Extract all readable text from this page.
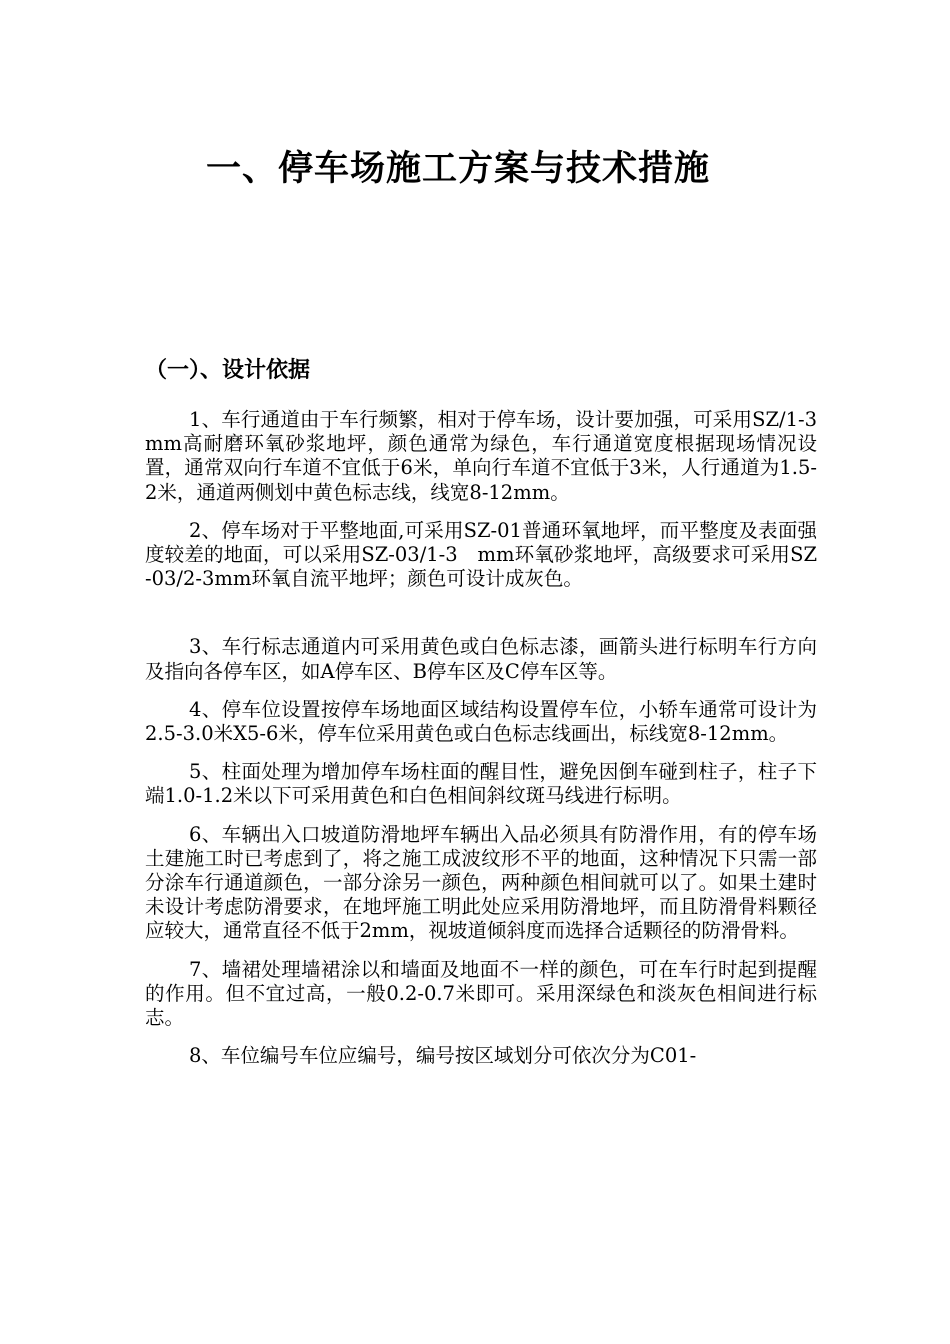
一、停车场施工方案与技术措施
（一）、设计依据

1、车行通道由于车行频繁，相对于停车场，设计要加强，可采用SZ/1-3　mm高耐磨环氧砂浆地坪，颜色通常为绿色，车行通道宽度根据现场情况设置，通常双向行车道不宜低于6米，单向行车道不宜低于3米，人行通道为1.5-2米，通道两侧划中黄色标志线，线宽8-12mm。

2、停车场对于平整地面,可采用SZ-01普通环氧地坪，而平整度及表面强度较差的地面，可以采用SZ-03/1-3　mm环氧砂浆地坪，高级要求可采用SZ-03/2-3mm环氧自流平地坪；颜色可设计成灰色。

3、车行标志通道内可采用黄色或白色标志漆，画箭头进行标明车行方向及指向各停车区，如A停车区、B停车区及C停车区等。

4、停车位设置按停车场地面区域结构设置停车位，小轿车通常可设计为2.5-3.0米X5-6米，停车位采用黄色或白色标志线画出，标线宽8-12mm。

5、柱面处理为增加停车场柱面的醒目性，避免因倒车碰到柱子，柱子下端1.0-1.2米以下可采用黄色和白色相间斜纹斑马线进行标明。

6、车辆出入口坡道防滑地坪车辆出入品必须具有防滑作用，有的停车场土建施工时已考虑到了，将之施工成波纹形不平的地面，这种情况下只需一部分涂车行通道颜色，一部分涂另一颜色，两种颜色相间就可以了。如果土建时未设计考虑防滑要求，在地坪施工明此处应采用防滑地坪，而且防滑骨料颗径应较大，通常直径不低于2mm，视坡道倾斜度而选择合适颗径的防滑骨料。

7、墙裙处理墙裙涂以和墙面及地面不一样的颜色，可在车行时起到提醒的作用。但不宜过高，一般0.2-0.7米即可。采用深绿色和淡灰色相间进行标志。

8、车位编号车位应编号，编号按区域划分可依次分为C01-
